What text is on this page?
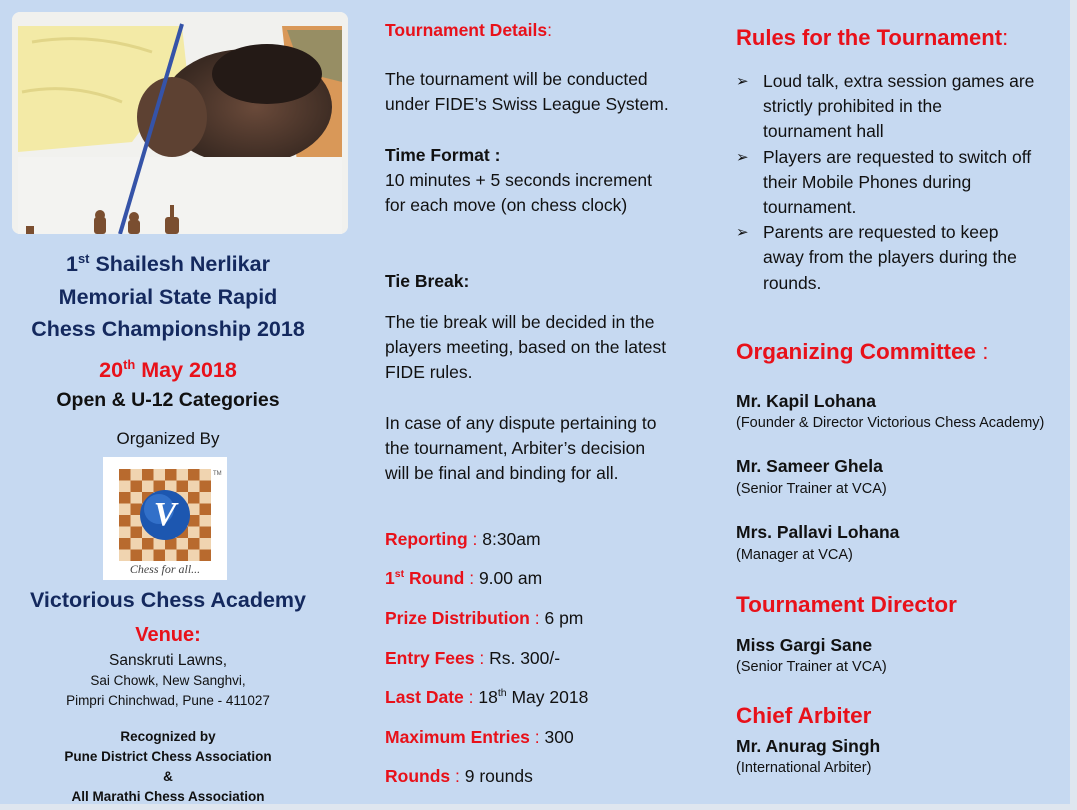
1st Shailesh Nerlikar
Memorial State Rapid
Chess Championship 2018
20th May 2018
Open & U-12 Categories
Organized By
V
TM
Chess for all...
Victorious Chess Academy
Venue:
Sanskruti Lawns,
Sai Chowk, New Sanghvi,
Pimpri Chinchwad, Pune - 411027
Recognized by
Pune District Chess Association
&
All Marathi Chess Association
Tournament Details:
The tournament will be conducted
under FIDE’s Swiss League System.
Time Format :
10 minutes + 5 seconds increment
for each move (on chess clock)
Tie Break:
The tie break will be decided in the
players meeting, based on the latest
FIDE rules.
In case of any dispute pertaining to
the tournament, Arbiter’s decision
will be final and binding for all.
Reporting : 8:30am
1st Round : 9.00 am
Prize Distribution : 6 pm
Entry Fees : Rs. 300/-
Last Date : 18th May 2018
Maximum Entries : 300
Rounds : 9 rounds
Rules for the Tournament:
➢ Loud talk, extra session games are
strictly prohibited in the
tournament hall
➢ Players are requested to switch off
their Mobile Phones during
tournament.
➢ Parents are requested to keep
away from the players during the
rounds.
Organizing Committee :
Mr. Kapil Lohana
(Founder & Director Victorious Chess Academy)
Mr. Sameer Ghela
(Senior Trainer at VCA)
Mrs. Pallavi Lohana
(Manager at VCA)
Tournament Director
Miss Gargi Sane
(Senior Trainer at VCA)
Chief Arbiter
Mr. Anurag Singh
(International Arbiter)
